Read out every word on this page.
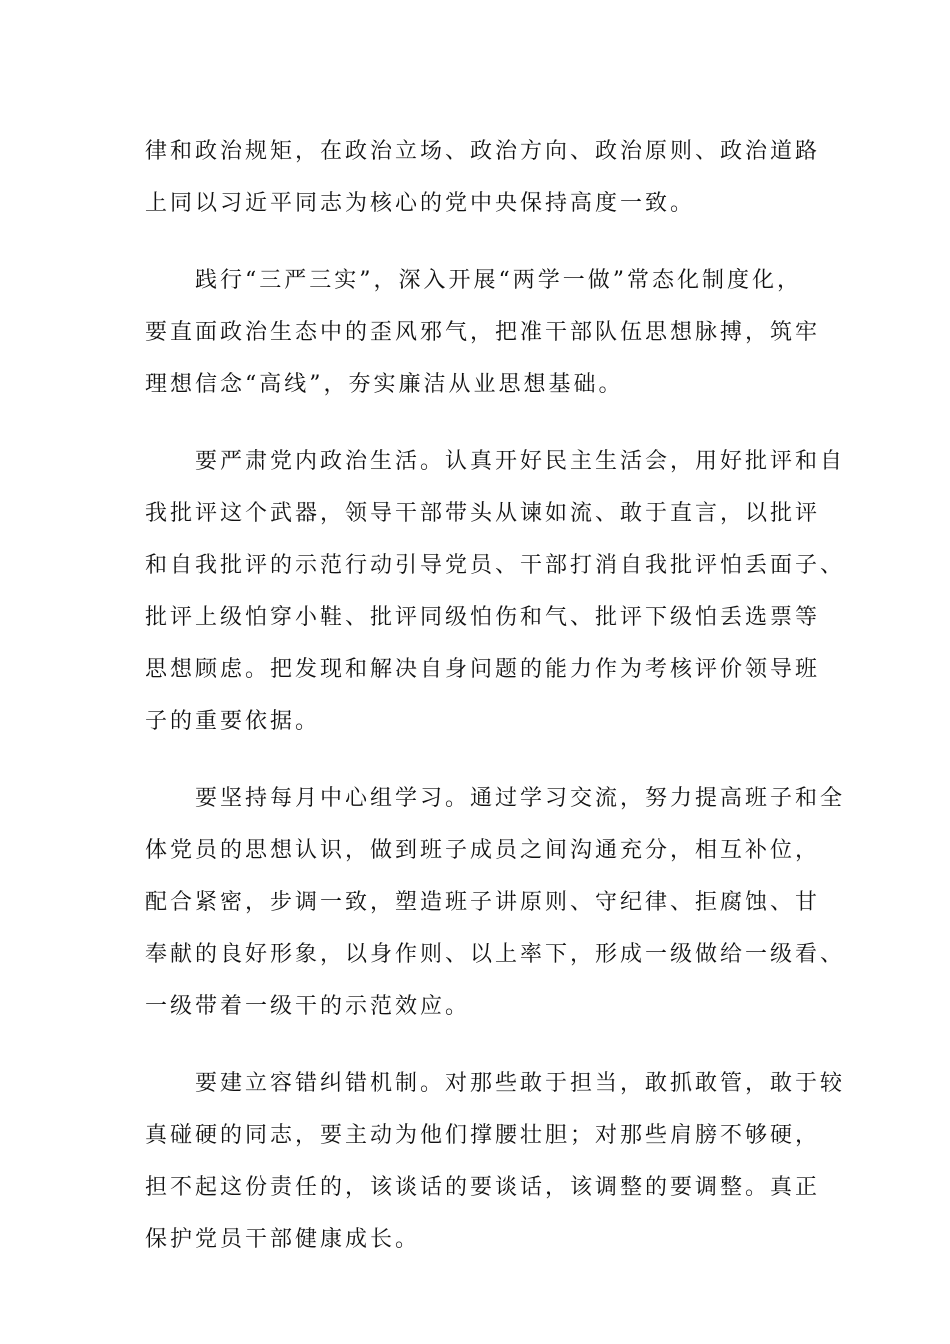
律和政治规矩，在政治立场、政治方向、政治原则、政治道路
上同以习近平同志为核心的党中央保持高度一致。
　　践行“三严三实”，深入开展“两学一做”常态化制度化，
要直面政治生态中的歪风邪气，把准干部队伍思想脉搏，筑牢
理想信念“高线”，夯实廉洁从业思想基础。
　　要严肃党内政治生活。认真开好民主生活会，用好批评和自
我批评这个武器，领导干部带头从谏如流、敢于直言，以批评
和自我批评的示范行动引导党员、干部打消自我批评怕丢面子、
批评上级怕穿小鞋、批评同级怕伤和气、批评下级怕丢选票等
思想顾虑。把发现和解决自身问题的能力作为考核评价领导班
子的重要依据。
　　要坚持每月中心组学习。通过学习交流，努力提高班子和全
体党员的思想认识，做到班子成员之间沟通充分，相互补位，
配合紧密，步调一致，塑造班子讲原则、守纪律、拒腐蚀、甘
奉献的良好形象，以身作则、以上率下，形成一级做给一级看、
一级带着一级干的示范效应。
　　要建立容错纠错机制。对那些敢于担当，敢抓敢管，敢于较
真碰硬的同志，要主动为他们撑腰壮胆；对那些肩膀不够硬，
担不起这份责任的，该谈话的要谈话，该调整的要调整。真正
保护党员干部健康成长。
